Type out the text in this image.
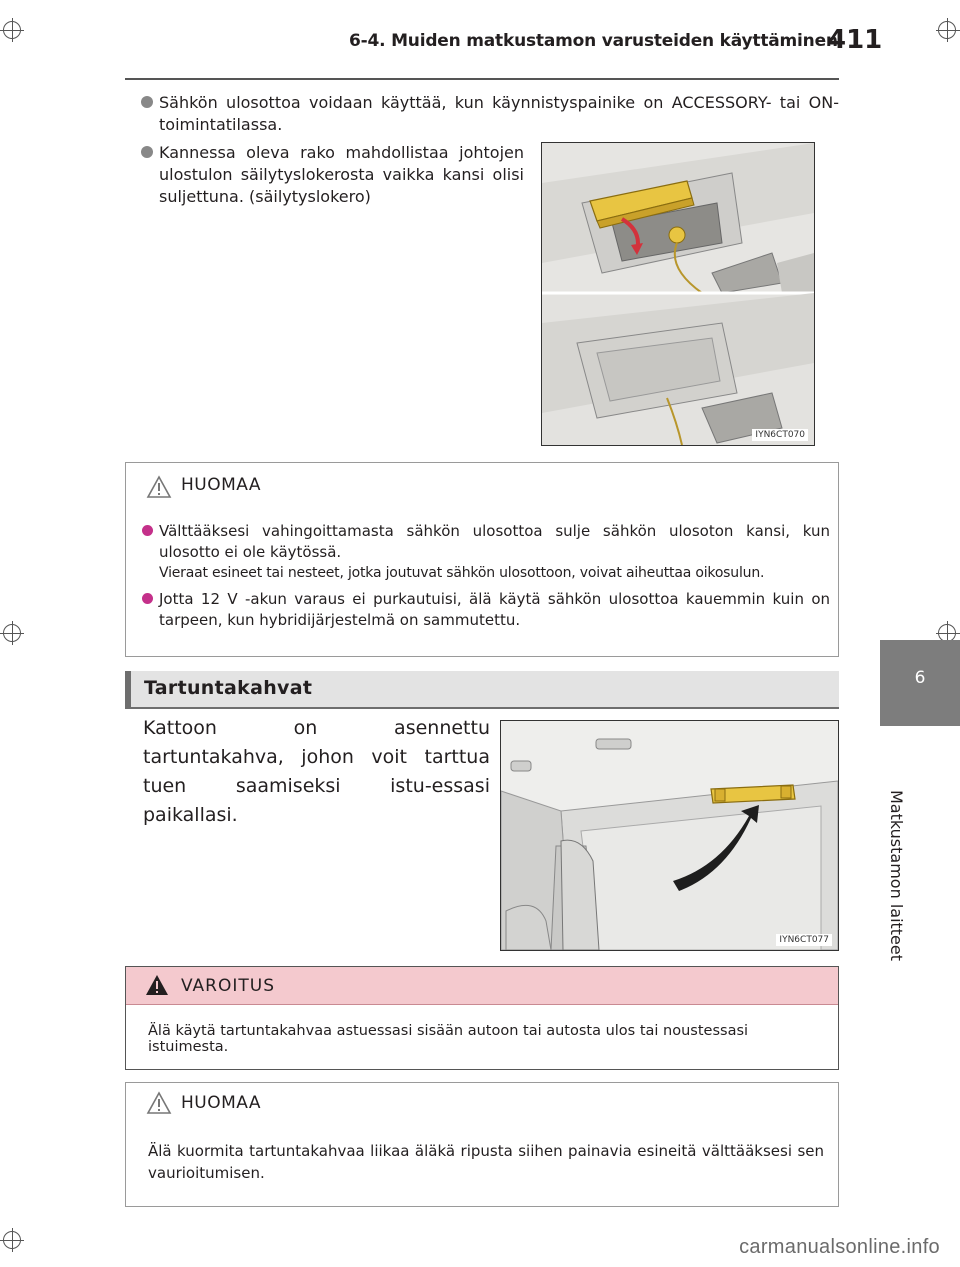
6-4. Muiden matkustamon varusteiden käyttäminen
411
6
Matkustamon laitteet
Sähkön ulosottoa voidaan käyttää, kun käynnistyspainike on ACCESSORY- tai ON-toimintatilassa.
Kannessa oleva rako mahdollistaa johtojen ulostulon säilytyslokerosta vaikka kansi olisi suljettuna. (säilytyslokero)
IYN6CT070
HUOMAA
Välttääksesi vahingoittamasta sähkön ulosottoa sulje sähkön ulosoton kansi, kun ulosotto ei ole käytössä.
Vieraat esineet tai nesteet, jotka joutuvat sähkön ulosottoon, voivat aiheuttaa oikosulun.
Jotta 12 V -akun varaus ei purkautuisi, älä käytä sähkön ulosottoa kauemmin kuin on tarpeen, kun hybridijärjestelmä on sammutettu.
Tartuntakahvat
Kattoon on asennettu tartuntakahva, johon voit tarttua tuen saamiseksi istu-essasi paikallasi.
IYN6CT077
VAROITUS
Älä käytä tartuntakahvaa astuessasi sisään autoon tai autosta ulos tai noustessasi istuimesta.
HUOMAA
Älä kuormita tartuntakahvaa liikaa äläkä ripusta siihen painavia esineitä välttääksesi sen vaurioitumisen.
carmanualsonline.info
